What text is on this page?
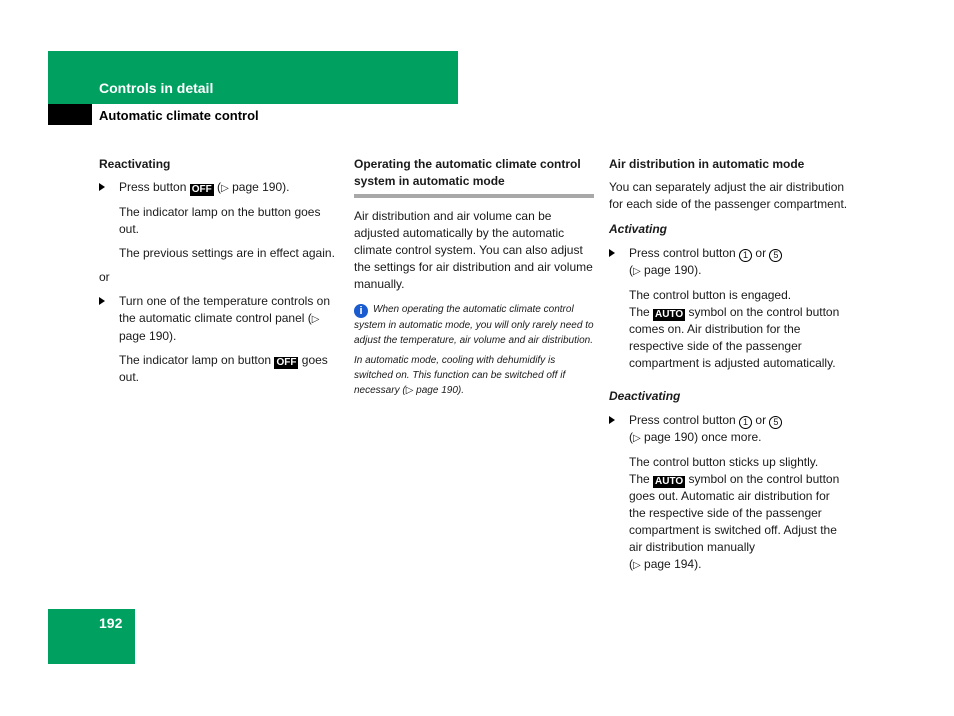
Controls in detail
Automatic climate control

Reactivating

Press button OFF (▷ page 190).

The indicator lamp on the button goes out.

The previous settings are in effect again.

or

Turn one of the temperature controls on the automatic climate control panel (▷ page 190).

The indicator lamp on button OFF goes out.

Operating the automatic climate control system in automatic mode

Air distribution and air volume can be adjusted automatically by the automatic climate control system. You can also adjust the settings for air distribution and air volume manually.

i When operating the automatic climate control system in automatic mode, you will only rarely need to adjust the temperature, air volume and air distribution.

In automatic mode, cooling with dehumidify is switched on. This function can be switched off if necessary (▷ page 190).

Air distribution in automatic mode

You can separately adjust the air distribution for each side of the passenger compartment.

Activating

Press control button 1 or 5
(▷ page 190).

The control button is engaged.

The AUTO symbol on the control button comes on. Air distribution for the respective side of the passenger compartment is adjusted automatically.

Deactivating

Press control button 1 or 5
(▷ page 190) once more.

The control button sticks up slightly.

The AUTO symbol on the control button goes out. Automatic air distribution for the respective side of the passenger compartment is switched off. Adjust the air distribution manually
(▷ page 194).

192
